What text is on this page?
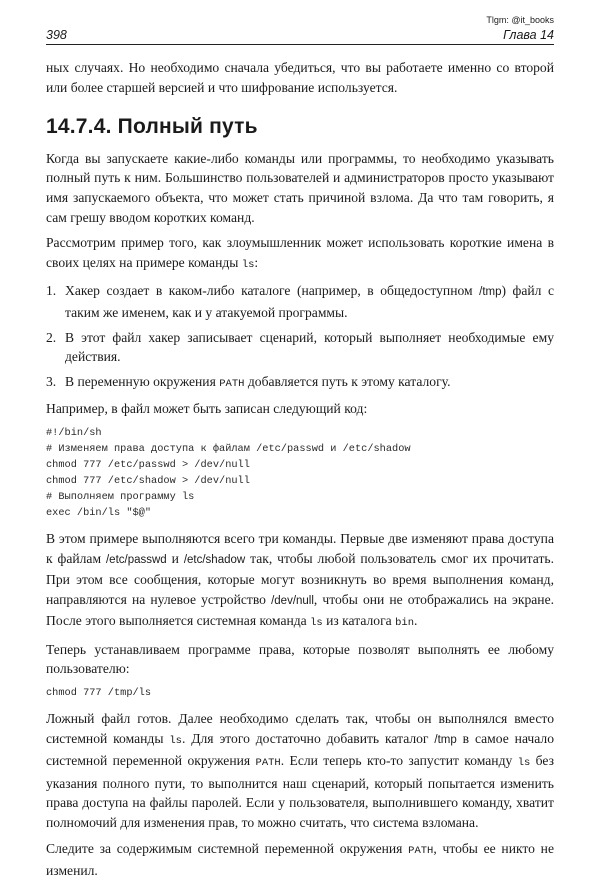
Tlgm: @it_books
398	Глава 14

ных случаях. Но необходимо сначала убедиться, что вы работаете именно со второй или более старшей версией и что шифрование используется.

14.7.4. Полный путь

Когда вы запускаете какие-либо команды или программы, то необходимо указывать полный путь к ним. Большинство пользователей и администраторов просто указывают имя запускаемого объекта, что может стать причиной взлома. Да что там говорить, я сам грешу вводом коротких команд.

Рассмотрим пример того, как злоумышленник может использовать короткие имена в своих целях на примере команды ls:

1. Хакер создает в каком-либо каталоге (например, в общедоступном /tmp) файл с таким же именем, как и у атакуемой программы.
2. В этот файл хакер записывает сценарий, который выполняет необходимые ему действия.
3. В переменную окружения PATH добавляется путь к этому каталогу.

Например, в файл может быть записан следующий код:

#!/bin/sh
# Изменяем права доступа к файлам /etc/passwd и /etc/shadow
chmod 777 /etc/passwd > /dev/null
chmod 777 /etc/shadow > /dev/null
# Выполняем программу ls
exec /bin/ls "$@"

В этом примере выполняются всего три команды. Первые две изменяют права доступа к файлам /etc/passwd и /etc/shadow так, чтобы любой пользователь смог их прочитать. При этом все сообщения, которые могут возникнуть во время выполнения команд, направляются на нулевое устройство /dev/null, чтобы они не отображались на экране. После этого выполняется системная команда ls из каталога bin.

Теперь устанавливаем программе права, которые позволят выполнять ее любому пользователю:

chmod 777 /tmp/ls

Ложный файл готов. Далее необходимо сделать так, чтобы он выполнялся вместо системной команды ls. Для этого достаточно добавить каталог /tmp в самое начало системной переменной окружения PATH. Если теперь кто-то запустит команду ls без указания полного пути, то выполнится наш сценарий, который попытается изменить права доступа на файлы паролей. Если у пользователя, выполнившего команду, хватит полномочий для изменения прав, то можно считать, что система взломана.

Следите за содержимым системной переменной окружения PATH, чтобы ее никто не изменил.
